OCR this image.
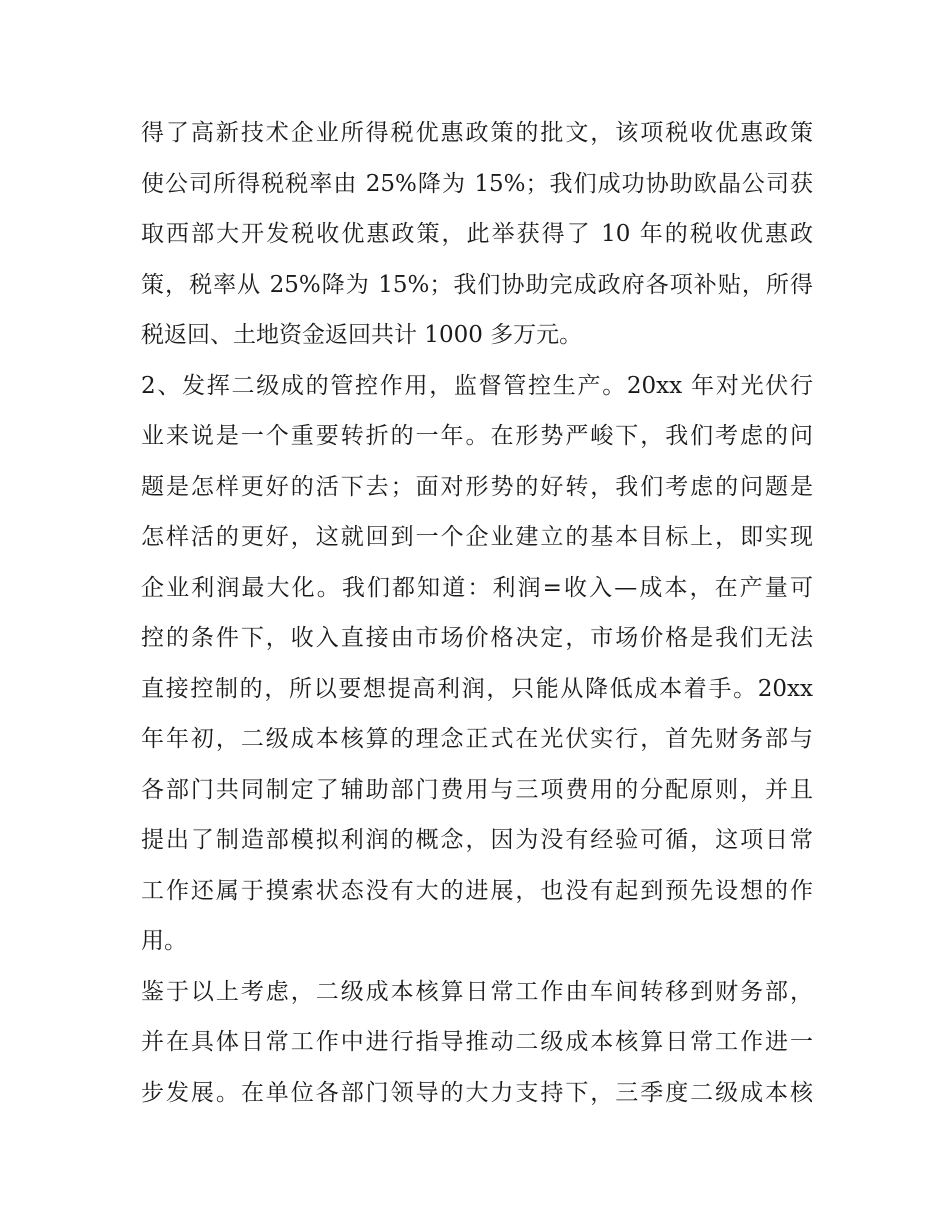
得了高新技术企业所得税优惠政策的批文，该项税收优惠政策
使公司所得税税率由 25%降为 15%；我们成功协助欧晶公司获
取西部大开发税收优惠政策，此举获得了 10 年的税收优惠政
策，税率从 25%降为 15%；我们协助完成政府各项补贴，所得
税返回、土地资金返回共计 1000 多万元。
2、发挥二级成的管控作用，监督管控生产。20xx 年对光伏行
业来说是一个重要转折的一年。在形势严峻下，我们考虑的问
题是怎样更好的活下去；面对形势的好转，我们考虑的问题是
怎样活的更好，这就回到一个企业建立的基本目标上，即实现
企业利润最大化。我们都知道：利润=收入—成本，在产量可
控的条件下，收入直接由市场价格决定，市场价格是我们无法
直接控制的，所以要想提高利润，只能从降低成本着手。20xx
年年初，二级成本核算的理念正式在光伏实行，首先财务部与
各部门共同制定了辅助部门费用与三项费用的分配原则，并且
提出了制造部模拟利润的概念，因为没有经验可循，这项日常
工作还属于摸索状态没有大的进展，也没有起到预先设想的作
用。
鉴于以上考虑，二级成本核算日常工作由车间转移到财务部，
并在具体日常工作中进行指导推动二级成本核算日常工作进一
步发展。在单位各部门领导的大力支持下，三季度二级成本核
